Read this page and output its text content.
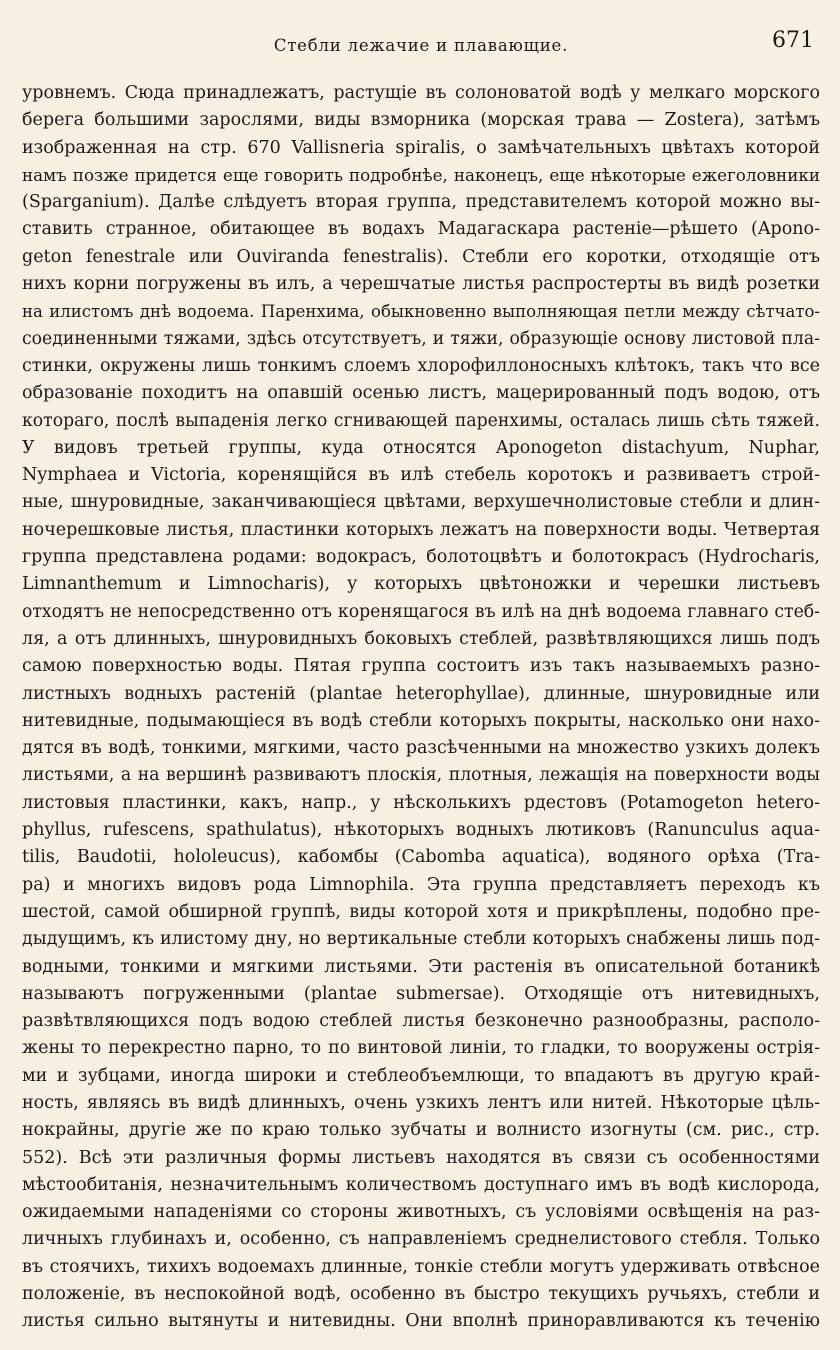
Стебли лежачие и плавающие.	671
уровнемъ. Сюда принадлежатъ, растущіе въ солоноватой водѣ у мелкаго морского
берега большими зарослями, виды взморника (морская трава — Zostera), затѣмъ
изображенная на стр. 670 Vallisneria spiralis, о замѣчательныхъ цвѣтахъ которой
намъ позже придется еще говорить подробнѣе, наконецъ, еще нѣкоторые ежеголовники
(Sparganium). Далѣе слѣдуетъ вторая группа, представителемъ которой можно вы-
ставить странное, обитающее въ водахъ Мадагаскара растеніе—рѣшето (Apono-
geton fenestrale или Ouviranda fenestralis). Стебли его коротки, отходящіе отъ
нихъ корни погружены въ илъ, а черешчатые листья распростерты въ видѣ розетки
на илистомъ днѣ водоема. Паренхима, обыкновенно выполняющая петли между сѣтчато-
соединенными тяжами, здѣсь отсутствуетъ, и тяжи, образующіе основу листовой пла-
стинки, окружены лишь тонкимъ слоемъ хлорофиллоносныхъ клѣтокъ, такъ что все
образованіе походитъ на опавшій осенью листъ, мацерированный подъ водою, отъ
котораго, послѣ выпаденія легко сгнивающей паренхимы, осталась лишь сѣть тяжей.
У видовъ третьей группы, куда относятся Aponogeton distachyum, Nuphar,
Nymphaea и Victoria, корeнящійся въ илѣ стебель коротокъ и развиваетъ строй-
ные, шнуровидные, заканчивающіеся цвѣтами, верхушечнолистовые стебли и длин-
ночерешковые листья, пластинки которыхъ лежатъ на поверхности воды. Четвертая
группа представлена родами: водокрасъ, болотоцвѣтъ и болотокрасъ (Hydrocharis,
Limnanthemum и Limnocharis), у которыхъ цвѣтоножки и черешки листьевъ
отходятъ не непосредственно отъ коренящагося въ илѣ на днѣ водоема главнаго стеб-
ля, а отъ длинныхъ, шнуровидныхъ боковыхъ стеблей, развѣтвляющихся лишь подъ
самою поверхностью воды. Пятая группа состоитъ изъ такъ называемыхъ разно-
листныхъ водныхъ растеній (plantae heterophyllae), длинные, шнуровидные или
нитевидные, подымающіеся въ водѣ стебли которыхъ покрыты, насколько они нахо-
дятся въ водѣ, тонкими, мягкими, часто разсѣченными на множество узкихъ долекъ
листьями, а на вершинѣ развиваютъ плоскія, плотныя, лежащія на поверхности воды
листовыя пластинки, какъ, напр., у нѣсколькихъ рдестовъ (Potamogeton hetero-
phyllus, rufescens, spathulatus), нѣкоторыхъ водныхъ лютиковъ (Ranunculus aqua-
tilis, Baudotii, hololeucus), кабомбы (Cabomba aquatica), водяного орѣха (Tra-
pa) и многихъ видовъ рода Limnophila. Эта группа представляетъ переходъ къ
шестой, самой обширной группѣ, виды которой хотя и прикрѣплены, подобно пре-
дыдущимъ, къ илистому дну, но вертикальные стебли которыхъ снабжены лишь под-
водными, тонкими и мягкими листьями. Эти растенія въ описательной ботаникѣ
называютъ погруженными (plantae submersae). Отходящіе отъ нитевидныхъ,
развѣтвляющихся подъ водою стеблей листья безконечно разнообразны, располо-
жены то перекрестно парно, то по винтовой линіи, то гладки, то вооружены острія-
ми и зубцами, иногда широки и стеблеобъемлющи, то впадаютъ въ другую край-
ность, являясь въ видѣ длинныхъ, очень узкихъ лентъ или нитей. Нѣкоторые цѣль-
нокрайны, другіе же по краю только зубчаты и волнисто изогнуты (см. рис., стр.
552). Всѣ эти различныя формы листьевъ находятся въ связи съ особенностями
мѣстообитанія, незначительнымъ количествомъ доступнаго имъ въ водѣ кислорода,
ожидаемыми нападеніями со стороны животныхъ, съ условіями освѣщенія на раз-
личныхъ глубинахъ и, особенно, съ направленіемъ среднелистового стебля. Только
въ стоячихъ, тихихъ водоемахъ длинные, тонкіе стебли могутъ удерживать отвѣсное
положеніе, въ неспокойной водѣ, особенно въ быстро текущихъ ручьяхъ, стебли и
листья сильно вытянуты и нитевидны. Они вполнѣ приноравливаются къ теченію
